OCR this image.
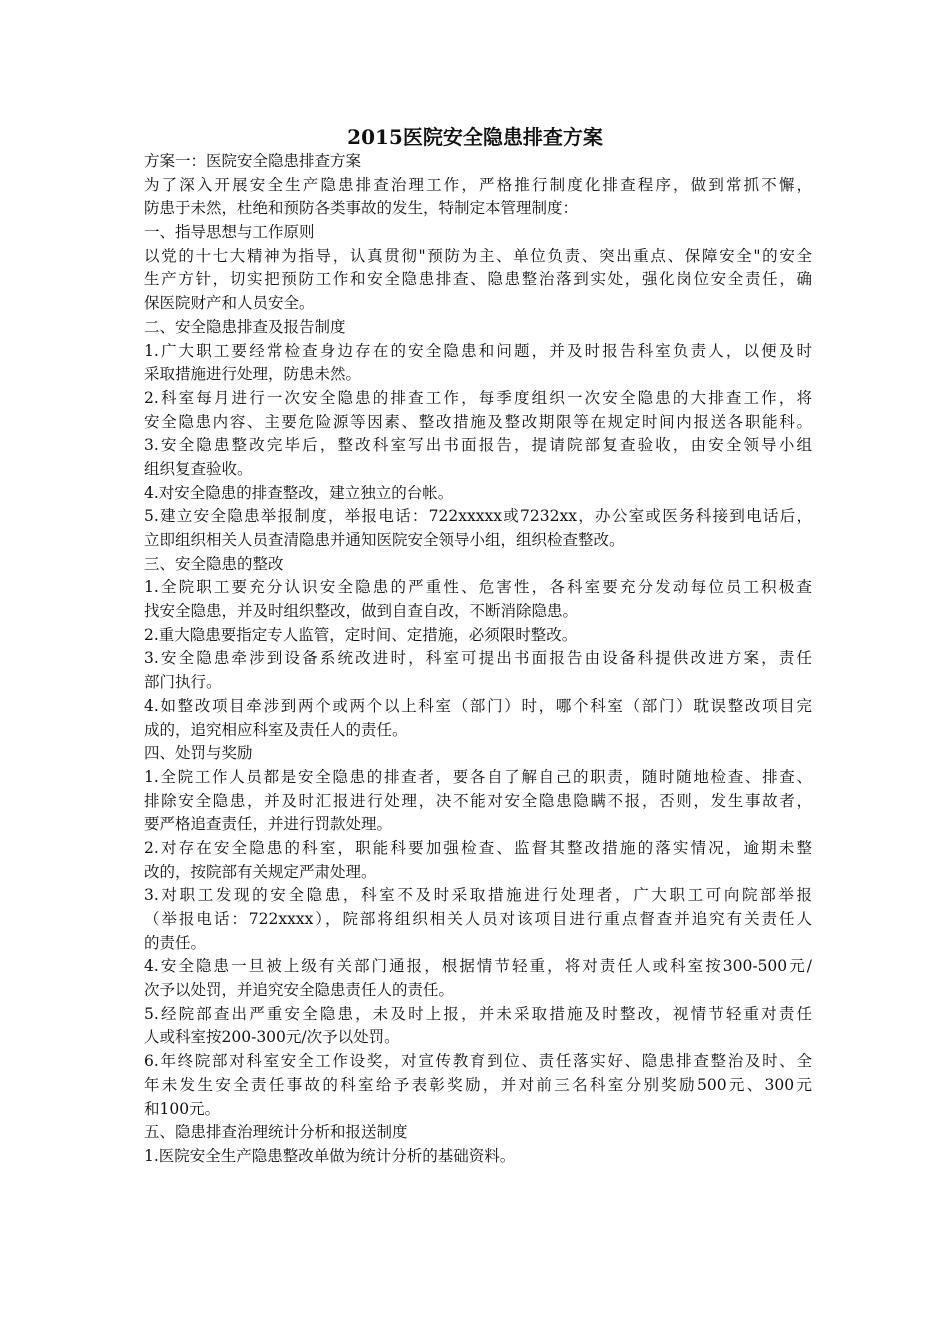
2015医院安全隐患排查方案
方案一：医院安全隐患排查方案
为了深入开展安全生产隐患排查治理工作，严格推行制度化排查程序，做到常抓不懈，
防患于未然，杜绝和预防各类事故的发生，特制定本管理制度：
一、指导思想与工作原则
以党的十七大精神为指导，认真贯彻"预防为主、单位负责、突出重点、保障安全"的安全
生产方针，切实把预防工作和安全隐患排查、隐患整治落到实处，强化岗位安全责任，确
保医院财产和人员安全。
二、安全隐患排查及报告制度
1.广大职工要经常检查身边存在的安全隐患和问题，并及时报告科室负责人，以便及时
采取措施进行处理，防患未然。
2.科室每月进行一次安全隐患的排查工作，每季度组织一次安全隐患的大排查工作，将
安全隐患内容、主要危险源等因素、整改措施及整改期限等在规定时间内报送各职能科。
3.安全隐患整改完毕后，整改科室写出书面报告，提请院部复查验收，由安全领导小组
组织复查验收。
4.对安全隐患的排查整改，建立独立的台帐。
5.建立安全隐患举报制度，举报电话：722xxxxx或7232xx，办公室或医务科接到电话后，
立即组织相关人员查清隐患并通知医院安全领导小组，组织检查整改。
三、安全隐患的整改
1.全院职工要充分认识安全隐患的严重性、危害性，各科室要充分发动每位员工积极查
找安全隐患，并及时组织整改，做到自查自改，不断消除隐患。
2.重大隐患要指定专人监管，定时间、定措施，必须限时整改。
3.安全隐患牵涉到设备系统改进时，科室可提出书面报告由设备科提供改进方案，责任
部门执行。
4.如整改项目牵涉到两个或两个以上科室（部门）时，哪个科室（部门）耽误整改项目完
成的，追究相应科室及责任人的责任。
四、处罚与奖励
1.全院工作人员都是安全隐患的排查者，要各自了解自己的职责，随时随地检查、排查、
排除安全隐患，并及时汇报进行处理，决不能对安全隐患隐瞒不报，否则，发生事故者，
要严格追查责任，并进行罚款处理。
2.对存在安全隐患的科室，职能科要加强检查、监督其整改措施的落实情况，逾期未整
改的，按院部有关规定严肃处理。
3.对职工发现的安全隐患，科室不及时采取措施进行处理者，广大职工可向院部举报
（举报电话：722xxxx），院部将组织相关人员对该项目进行重点督查并追究有关责任人
的责任。
4.安全隐患一旦被上级有关部门通报，根据情节轻重，将对责任人或科室按300-500元/
次予以处罚，并追究安全隐患责任人的责任。
5.经院部查出严重安全隐患，未及时上报，并未采取措施及时整改，视情节轻重对责任
人或科室按200-300元/次予以处罚。
6.年终院部对科室安全工作设奖，对宣传教育到位、责任落实好、隐患排查整治及时、全
年未发生安全责任事故的科室给予表彰奖励，并对前三名科室分别奖励500元、300元
和100元。
五、隐患排查治理统计分析和报送制度
1.医院安全生产隐患整改单做为统计分析的基础资料。
